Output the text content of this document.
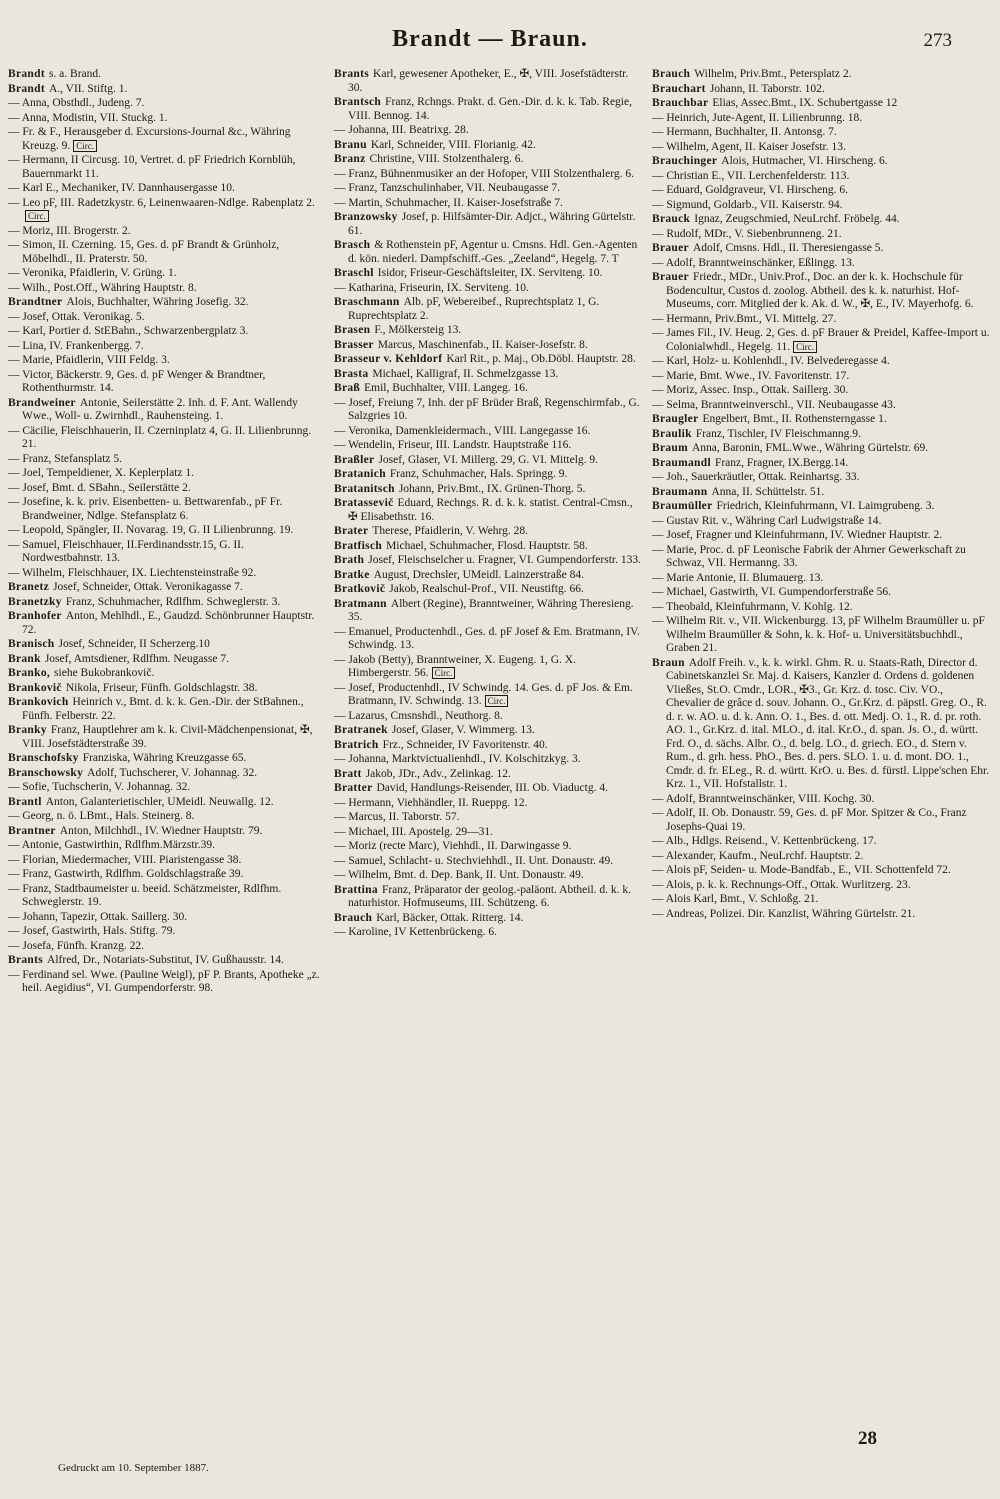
Brandt — Braun.	273
Brandt s. a. Brand.
Brandt A., VII. Stiftg. 1.
— Anna, Obsthdl., Judeng. 7.
— Anna, Modistin, VII. Stuckg. 1.
— Fr. & F., Herausgeber d. Excursions-Journal &c., Währing Kreuzg. 9. Circ.
— Hermann, II Circusg. 10, Vertret. d. pF Friedrich Kornblüh, Bauernmarkt 11.
— Karl E., Mechaniker, IV. Dannhausergasse 10.
— Leo pF, III. Radetzkystr. 6, Leinenwaaren-Ndlge. Rabenplatz 2.Circ.
— Moriz, III. Brogerstr. 2.
— Simon, II. Czerning. 15, Ges. d. pF Brandt & Grünholz, Möbelhdl., II. Praterstr. 50.
— Veronika, Pfaidlerin, V. Grüng. 1.
— Wilh., Post.Off., Währing Hauptstr. 8.
Brandtner Alois, Buchhalter, Währing Josefig. 32.
— Josef, Ottak. Veronikag. 5.
— Karl, Portier d. StEBahn., Schwarzenbergplatz 3.
— Lina, IV. Frankenbergg. 7.
— Marie, Pfaidlerin, VIII Feldg. 3.
— Victor, Bäckerstr. 9, Ges. d. pF Wenger & Brandtner, Rothenthurmstr. 14.
Brandweiner Antonie, Seilerstätte 2. Inh. d. F. Ant. Wallendy Wwe., Woll- u. Zwirnhdl., Rauhensteing. 1.
— Cäcilie, Fleischhauerin, II. Czerninplatz 4, G. II. Lilienbrunng. 21.
— Franz, Stefansplatz 5.
— Joel, Tempeldiener, X. Keplerplatz 1.
— Josef, Bmt. d. SBahn., Seilerstätte 2.
— Josefine, k. k. priv. Eisenbetten- u. Bettwarenfab., pF Fr. Brandweiner, Ndlge. Stefansplatz 6.
— Leopold, Spängler, II. Novarag. 19, G. II Lilienbrunng. 19.
— Samuel, Fleischhauer, II.Ferdinandsstr.15, G. II. Nordwestbahnstr. 13.
— Wilhelm, Fleischhauer, IX. Liechtensteinstraße 92.
Branetz Josef, Schneider, Ottak. Veronikagasse 7.
Branetzky Franz, Schuhmacher, Rdlfhm. Schweglerstr. 3.
Branhofer Anton, Mehlhdl., E., Gaudzd. Schönbrunner Hauptstr. 72.
Branisch Josef, Schneider, II Scherzerg.10
Brank Josef, Amtsdiener, Rdlfhm. Neugasse 7.
Branko, siehe Bukobrankovič.
Brankovič Nikola, Friseur, Fünfh. Goldschlagstr. 38.
Brankovich Heinrich v., Bmt. d. k. k. Gen.-Dir. der StBahnen., Fünfh. Felberstr. 22.
Branky Franz, Hauptlehrer am k. k. Civil-Mädchenpensionat, ✠, VIII. Josefstädterstraße 39.
Branschofsky Franziska, Währing Kreuzgasse 65.
Branschowsky Adolf, Tuchscherer, V. Johannag. 32.
— Sofie, Tuchscherin, V. Johannag. 32.
Brantl Anton, Galanterietischler, UMeidl. Neuwallg. 12.
— Georg, n. ö. LBmt., Hals. Steinerg. 8.
Brantner Anton, Milchhdl., IV. Wiedner Hauptstr. 79.
— Antonie, Gastwirthin, Rdlfhm.Märzstr.39.
— Florian, Miedermacher, VIII. Piaristengasse 38.
— Franz, Gastwirth, Rdlfhm. Goldschlagstraße 39.
— Franz, Stadtbaumeister u. beeid. Schätzmeister, Rdlfhm. Schweglerstr. 19.
— Johann, Tapezir, Ottak. Saillerg. 30.
— Josef, Gastwirth, Hals. Stiftg. 79.
— Josefa, Fünfh. Kranzg. 22.
Brants Alfred, Dr., Notariats-Substitut, IV. Gußhausstr. 14.
— Ferdinand sel. Wwe. (Pauline Weigl), pF P. Brants, Apotheke „z. heil. Aegidius“, VI. Gumpendorferstr. 98.
Brants Karl, gewesener Apotheker, E., ✠, VIII. Josefstädterstr. 30.
Brantsch Franz, Rchngs. Prakt. d. Gen.-Dir. d. k. k. Tab. Regie, VIII. Bennog. 14.
— Johanna, III. Beatrixg. 28.
Branu Karl, Schneider, VIII. Florianig. 42.
Branz Christine, VIII. Stolzenthalerg. 6.
— Franz, Bühnenmusiker an der Hofoper, VIII Stolzenthalerg. 6.
— Franz, Tanzschulinhaber, VII. Neubaugasse 7.
— Martin, Schuhmacher, II. Kaiser-Josefstraße 7.
Branzowsky Josef, p. Hilfsämter-Dir. Adjct., Währing Gürtelstr. 61.
Brasch & Rothenstein pF, Agentur u. Cmsns. Hdl. Gen.-Agenten d. kön. niederl. Dampfschiff.-Ges. „Zeeland“, Hegelg. 7. T
Braschl Isidor, Friseur-Geschäftsleiter, IX. Serviteng. 10.
— Katharina, Friseurin, IX. Serviteng. 10.
Braschmann Alb. pF, Webereibef., Ruprechtsplatz 1, G. Ruprechtsplatz 2.
Brasen F., Mölkersteig 13.
Brasser Marcus, Maschinenfab., II. Kaiser-Josefstr. 8.
Brasseur v. Kehldorf Karl Rit., p. Maj., Ob.Döbl. Hauptstr. 28.
Brasta Michael, Kalligraf, II. Schmelzgasse 13.
Braß Emil, Buchhalter, VIII. Langeg. 16.
— Josef, Freiung 7, Inh. der pF Brüder Braß, Regenschirmfab., G. Salzgries 10.
— Veronika, Damenkleidermach., VIII. Langegasse 16.
— Wendelin, Friseur, III. Landstr. Hauptstraße 116.
Braßler Josef, Glaser, VI. Millerg. 29, G. VI. Mittelg. 9.
Bratanich Franz, Schuhmacher, Hals. Springg. 9.
Bratanitsch Johann, Priv.Bmt., IX. Grünen-Thorg. 5.
Bratassevič Eduard, Rechngs. R. d. k. k. statist. Central-Cmsn., ✠ Elisabethstr. 16.
Brater Therese, Pfaidlerin, V. Wehrg. 28.
Bratfisch Michael, Schuhmacher, Flosd. Hauptstr. 58.
Brath Josef, Fleischselcher u. Fragner, VI. Gumpendorferstr. 133.
Bratke August, Drechsler, UMeidl. Lainzerstraße 84.
Bratkovič Jakob, Realschul-Prof., VII. Neustiftg. 66.
Bratmann Albert (Regine), Branntweiner, Währing Theresieng. 35.
— Emanuel, Productenhdl., Ges. d. pF Josef & Em. Bratmann, IV. Schwindg. 13.
— Jakob (Betty), Branntweiner, X. Eugeng. 1, G. X. Himbergerstr. 56. Circ.
— Josef, Productenhdl., IV Schwindg. 14. Ges. d. pF Jos. & Em. Bratmann, IV. Schwindg. 13. Circ.
— Lazarus, Cmsnshdl., Neuthorg. 8.
Bratranek Josef, Glaser, V. Wimmerg. 13.
Bratrich Frz., Schneider, IV Favoritenstr. 40.
— Johanna, Marktvictualienhdl., IV. Kolschitzkyg. 3.
Bratt Jakob, JDr., Adv., Zelinkag. 12.
Bratter David, Handlungs-Reisender, III. Ob. Viaductg. 4.
— Hermann, Viehhändler, II. Rueppg. 12.
— Marcus, II. Taborstr. 57.
— Michael, III. Apostelg. 29—31.
— Moriz (recte Marc), Viehhdl., II. Darwingasse 9.
— Samuel, Schlacht- u. Stechviehhdl., II. Unt. Donaustr. 49.
— Wilhelm, Bmt. d. Dep. Bank, II. Unt. Donaustr. 49.
Brattina Franz, Präparator der geolog.-paläont. Abtheil. d. k. k. naturhistor. Hofmuseums, III. Schützeng. 6.
Brauch Karl, Bäcker, Ottak. Ritterg. 14.
— Karoline, IV Kettenbrückeng. 6.
Brauch Wilhelm, Priv.Bmt., Petersplatz 2.
Brauchart Johann, II. Taborstr. 102.
Brauchbar Elias, Assec.Bmt., IX. Schubertgasse 12
— Heinrich, Jute-Agent, II. Lilienbrunng. 18.
— Hermann, Buchhalter, II. Antonsg. 7.
— Wilhelm, Agent, II. Kaiser Josefstr. 13.
Brauchinger Alois, Hutmacher, VI. Hirscheng. 6.
— Christian E., VII. Lerchenfelderstr. 113.
— Eduard, Goldgraveur, VI. Hirscheng. 6.
— Sigmund, Goldarb., VII. Kaiserstr. 94.
Brauck Ignaz, Zeugschmied, NeuLrchf. Fröbelg. 44.
— Rudolf, MDr., V. Siebenbrunneng. 21.
Brauer Adolf, Cmsns. Hdl., II. Theresiengasse 5.
— Adolf, Branntweinschänker, Eßlingg. 13.
Brauer Friedr., MDr., Univ.Prof., Doc. an der k. k. Hochschule für Bodencultur, Custos d. zoolog. Abtheil. des k. k. naturhist. Hof-Museums, corr. Mitglied der k. Ak. d. W., ✠, E., IV. Mayerhofg. 6.
— Hermann, Priv.Bmt., VI. Mittelg. 27.
— James Fil., IV. Heug. 2, Ges. d. pF Brauer & Preidel, Kaffee-Import u. Colonialwhdl., Hegelg. 11. Circ.
— Karl, Holz- u. Kohlenhdl., IV. Belvederegasse 4.
— Marie, Bmt. Wwe., IV. Favoritenstr. 17.
— Moriz, Assec. Insp., Ottak. Saillerg. 30.
— Selma, Branntweinverschl., VII. Neubaugasse 43.
Braugler Engelbert, Bmt., II. Rothensterngasse 1.
Braulik Franz, Tischler, IV Fleischmanng.9.
Braum Anna, Baronin, FML.Wwe., Währing Gürtelstr. 69.
Braumandl Franz, Fragner, IX.Bergg.14.
— Joh., Sauerkräutler, Ottak. Reinhartsg. 33.
Braumann Anna, II. Schüttelstr. 51.
Braumüller Friedrich, Kleinfuhrmann, VI. Laimgrubeng. 3.
— Gustav Rit. v., Währing Carl Ludwigstraße 14.
— Josef, Fragner und Kleinfuhrmann, IV. Wiedner Hauptstr. 2.
— Marie, Proc. d. pF Leonische Fabrik der Ahrner Gewerkschaft zu Schwaz, VII. Hermanng. 33.
— Marie Antonie, II. Blumauerg. 13.
— Michael, Gastwirth, VI. Gumpendorferstraße 56.
— Theobald, Kleinfuhrmann, V. Kohlg. 12.
— Wilhelm Rit. v., VII. Wickenburgg. 13, pF Wilhelm Braumüller u. pF Wilhelm Braumüller & Sohn, k. k. Hof- u. Universitätsbuchhdl., Graben 21.
Braun Adolf Freih. v., k. k. wirkl. Ghm. R. u. Staats-Rath, Director d. Cabinetskanzlei Sr. Maj. d. Kaisers, Kanzler d. Ordens d. goldenen Vließes, St.O. Cmdr., LOR., ✠3., Gr. Krz. d. tosc. Civ. VO., Chevalier de grâce d. souv. Johann. O., Gr.Krz. d. päpstl. Greg. O., R. d. r. w. AO. u. d. k. Ann. O. 1., Bes. d. ott. Medj. O. 1., R. d. pr. roth. AO. 1., Gr.Krz. d. ital. MLO., d. ital. Kr.O., d. span. Js. O., d. württ. Frd. O., d. sächs. Albr. O., d. belg. LO., d. griech. EO., d. Stern v. Rum., d. grh. hess. PhO., Bes. d. pers. SLO. 1. u. d. mont. DO. 1., Cmdr. d. fr. ELeg., R. d. württ. KrO. u. Bes. d. fürstl. Lippe'schen Ehr. Krz. 1., VII. Hofstallstr. 1.
— Adolf, Branntweinschänker, VIII. Kochg. 30.
— Adolf, II. Ob. Donaustr. 59, Ges. d. pF Mor. Spitzer & Co., Franz Josephs-Quai 19.
— Alb., Hdlgs. Reisend., V. Kettenbrückeng. 17.
— Alexander, Kaufm., NeuLrchf. Hauptstr. 2.
— Alois pF, Seiden- u. Mode-Bandfab., E., VII. Schottenfeld 72.
— Alois, p. k. k. Rechnungs-Off., Ottak. Wurlitzerg. 23.
— Alois Karl, Bmt., V. Schloßg. 21.
— Andreas, Polizei. Dir. Kanzlist, Währing Gürtelstr. 21.
Gedruckt am 10. September 1887.
28
